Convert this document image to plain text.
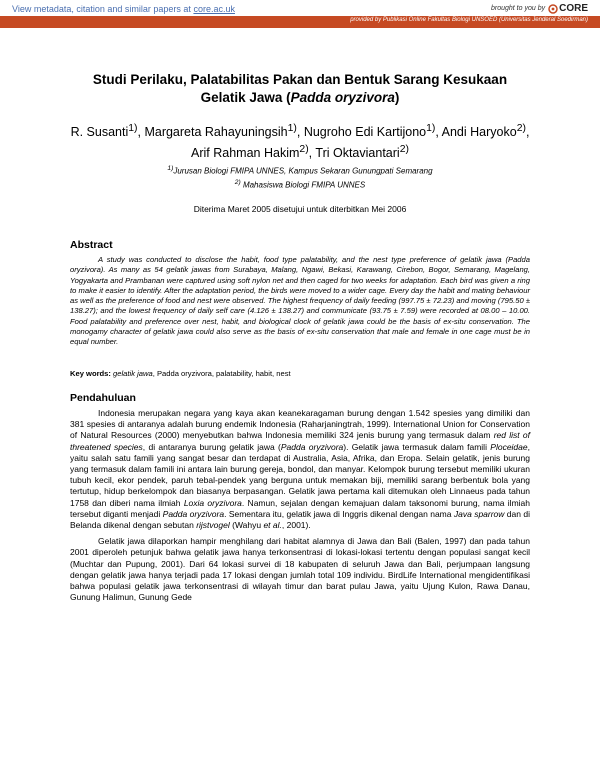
View metadata, citation and similar papers at core.ac.uk	brought to you by CORE
provided by Publikasi Online Fakultas Biologi UNSOED (Universitas Jenderal Soedirman)
Studi Perilaku, Palatabilitas Pakan dan Bentuk Sarang Kesukaan
Gelatik Jawa (Padda oryzivora)
R. Susanti$^{1)}$, Margareta Rahayuningsih$^{1)}$, Nugroho Edi Kartijono$^{1)}$, Andi Haryoko$^{2)}$, Arif Rahman Hakim$^{2)}$, Tri Oktaviantari$^{2)}$
$^{1)}$Jurusan Biologi FMIPA UNNES, Kampus Sekaran Gunungpati Semarang
$^{2)}$ Mahasiswa Biologi FMIPA UNNES
Diterima Maret 2005 disetujui untuk diterbitkan Mei 2006
Abstract
A study was conducted to disclose the habit, food type palatability, and the nest type preference of gelatik jawa (Padda oryzivora). As many as 54 gelatik jawas from Surabaya, Malang, Ngawi, Bekasi, Karawang, Cirebon, Bogor, Semarang, Magelang, Yogyakarta and Prambanan were captured using soft nylon net and then caged for two weeks for adaptation. Each bird was given a ring to make it easier to identify. After the adaptation period, the birds were moved to a wider cage. Every day the habit and mating behaviour as well as the preference of food and nest were observed. The highest frequency of daily feeding (997.75 ± 72.23) and moving (795.50 ± 138.27); and the lowest frequency of daily self care (4.126 ± 138.27) and communicate (93.75 ± 7.59) were recorded at 08.00 – 10.00. Food palatability and preference over nest, habit, and biological clock of gelatik jawa could be the basis of ex-situ conservation. The monogamy character of gelatik jawa could also serve as the basis of ex-situ conservation that male and female in one cage must be in equal number.
Key words: gelatik jawa, Padda oryzivora, palatability, habit, nest
Pendahuluan

Indonesia merupakan negara yang kaya akan keanekaragaman burung dengan 1.542 spesies yang dimiliki dan 381 spesies di antaranya adalah burung endemik Indonesia (Raharjaningtrah, 1999). International Union for Conservation of Natural Resources (2000) menyebutkan bahwa Indonesia memiliki 324 jenis burung yang termasuk dalam red list of threatened species, di antaranya burung gelatik jawa (Padda oryzivora). Gelatik jawa termasuk dalam famili Ploceidae, yaitu salah satu famili yang sangat besar dan terdapat di Australia, Asia, Afrika, dan Eropa. Selain gelatik, jenis burung yang termasuk dalam famili ini antara lain burung gereja, bondol, dan manyar. Kelompok burung tersebut memiliki ukuran tubuh kecil, ekor pendek, paruh tebal-pendek yang berguna untuk memakan biji, memiliki sarang berbentuk bola yang tertutup, hidup berkelompok dan biasanya berpasangan. Gelatik jawa pertama kali ditemukan oleh Linnaeus pada tahun 1758 dan diberi nama ilmiah Loxia oryzivora. Namun, sejalan dengan kemajuan dalam taksonomi burung, nama ilmiah tersebut diganti menjadi Padda oryzivora. Sementara itu, gelatik jawa di Inggris dikenal dengan nama Java sparrow dan di Belanda dikenal dengan sebutan rijstvogel (Wahyu et al., 2001).

Gelatik jawa dilaporkan hampir menghilang dari habitat alamnya di Jawa dan Bali (Balen, 1997) dan pada tahun 2001 diperoleh petunjuk bahwa gelatik jawa hanya terkonsentrasi di lokasi-lokasi tertentu dengan populasi sangat kecil (Muchtar dan Pupung, 2001). Dari 64 lokasi survei di 18 kabupaten di seluruh Jawa dan Bali, perjumpaan langsung dengan gelatik jawa hanya terjadi pada 17 lokasi dengan jumlah total 109 individu. BirdLife International mengidentifikasi bahwa populasi gelatik jawa terkonsentrasi di wilayah timur dan barat pulau Jawa, yaitu Ujung Kulon, Rawa Danau, Gunung Halimun, Gunung Gede
